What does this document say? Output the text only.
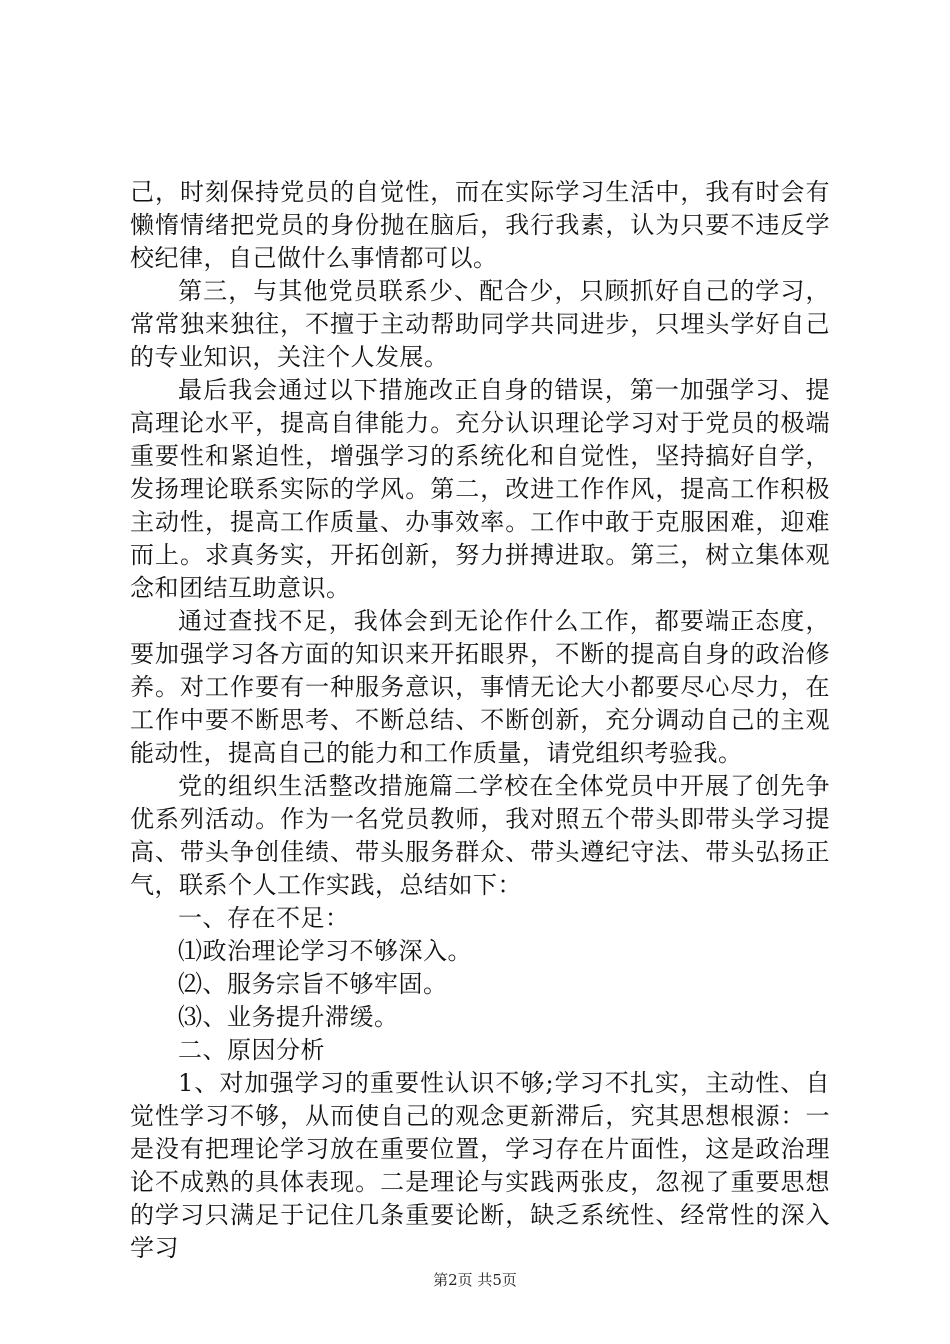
己，时刻保持党员的自觉性，而在实际学习生活中，我有时会有懒惰情绪把党员的身份抛在脑后，我行我素，认为只要不违反学校纪律，自己做什么事情都可以。

第三，与其他党员联系少、配合少，只顾抓好自己的学习，常常独来独往，不擅于主动帮助同学共同进步，只埋头学好自己的专业知识，关注个人发展。

最后我会通过以下措施改正自身的错误，第一加强学习、提高理论水平，提高自律能力。充分认识理论学习对于党员的极端重要性和紧迫性，增强学习的系统化和自觉性，坚持搞好自学，发扬理论联系实际的学风。第二，改进工作作风，提高工作积极主动性，提高工作质量、办事效率。工作中敢于克服困难，迎难而上。求真务实，开拓创新，努力拼搏进取。第三，树立集体观念和团结互助意识。

通过查找不足，我体会到无论作什么工作，都要端正态度，要加强学习各方面的知识来开拓眼界，不断的提高自身的政治修养。对工作要有一种服务意识，事情无论大小都要尽心尽力，在工作中要不断思考、不断总结、不断创新，充分调动自己的主观能动性，提高自己的能力和工作质量，请党组织考验我。

党的组织生活整改措施篇二学校在全体党员中开展了创先争优系列活动。作为一名党员教师，我对照五个带头即带头学习提高、带头争创佳绩、带头服务群众、带头遵纪守法、带头弘扬正气，联系个人工作实践，总结如下：

一、存在不足：

⑴政治理论学习不够深入。

⑵、服务宗旨不够牢固。

⑶、业务提升滞缓。

二、原因分析

1、对加强学习的重要性认识不够;学习不扎实，主动性、自觉性学习不够，从而使自己的观念更新滞后，究其思想根源：一是没有把理论学习放在重要位置，学习存在片面性，这是政治理论不成熟的具体表现。二是理论与实践两张皮，忽视了重要思想的学习只满足于记住几条重要论断，缺乏系统性、经常性的深入学习

第2页 共5页
